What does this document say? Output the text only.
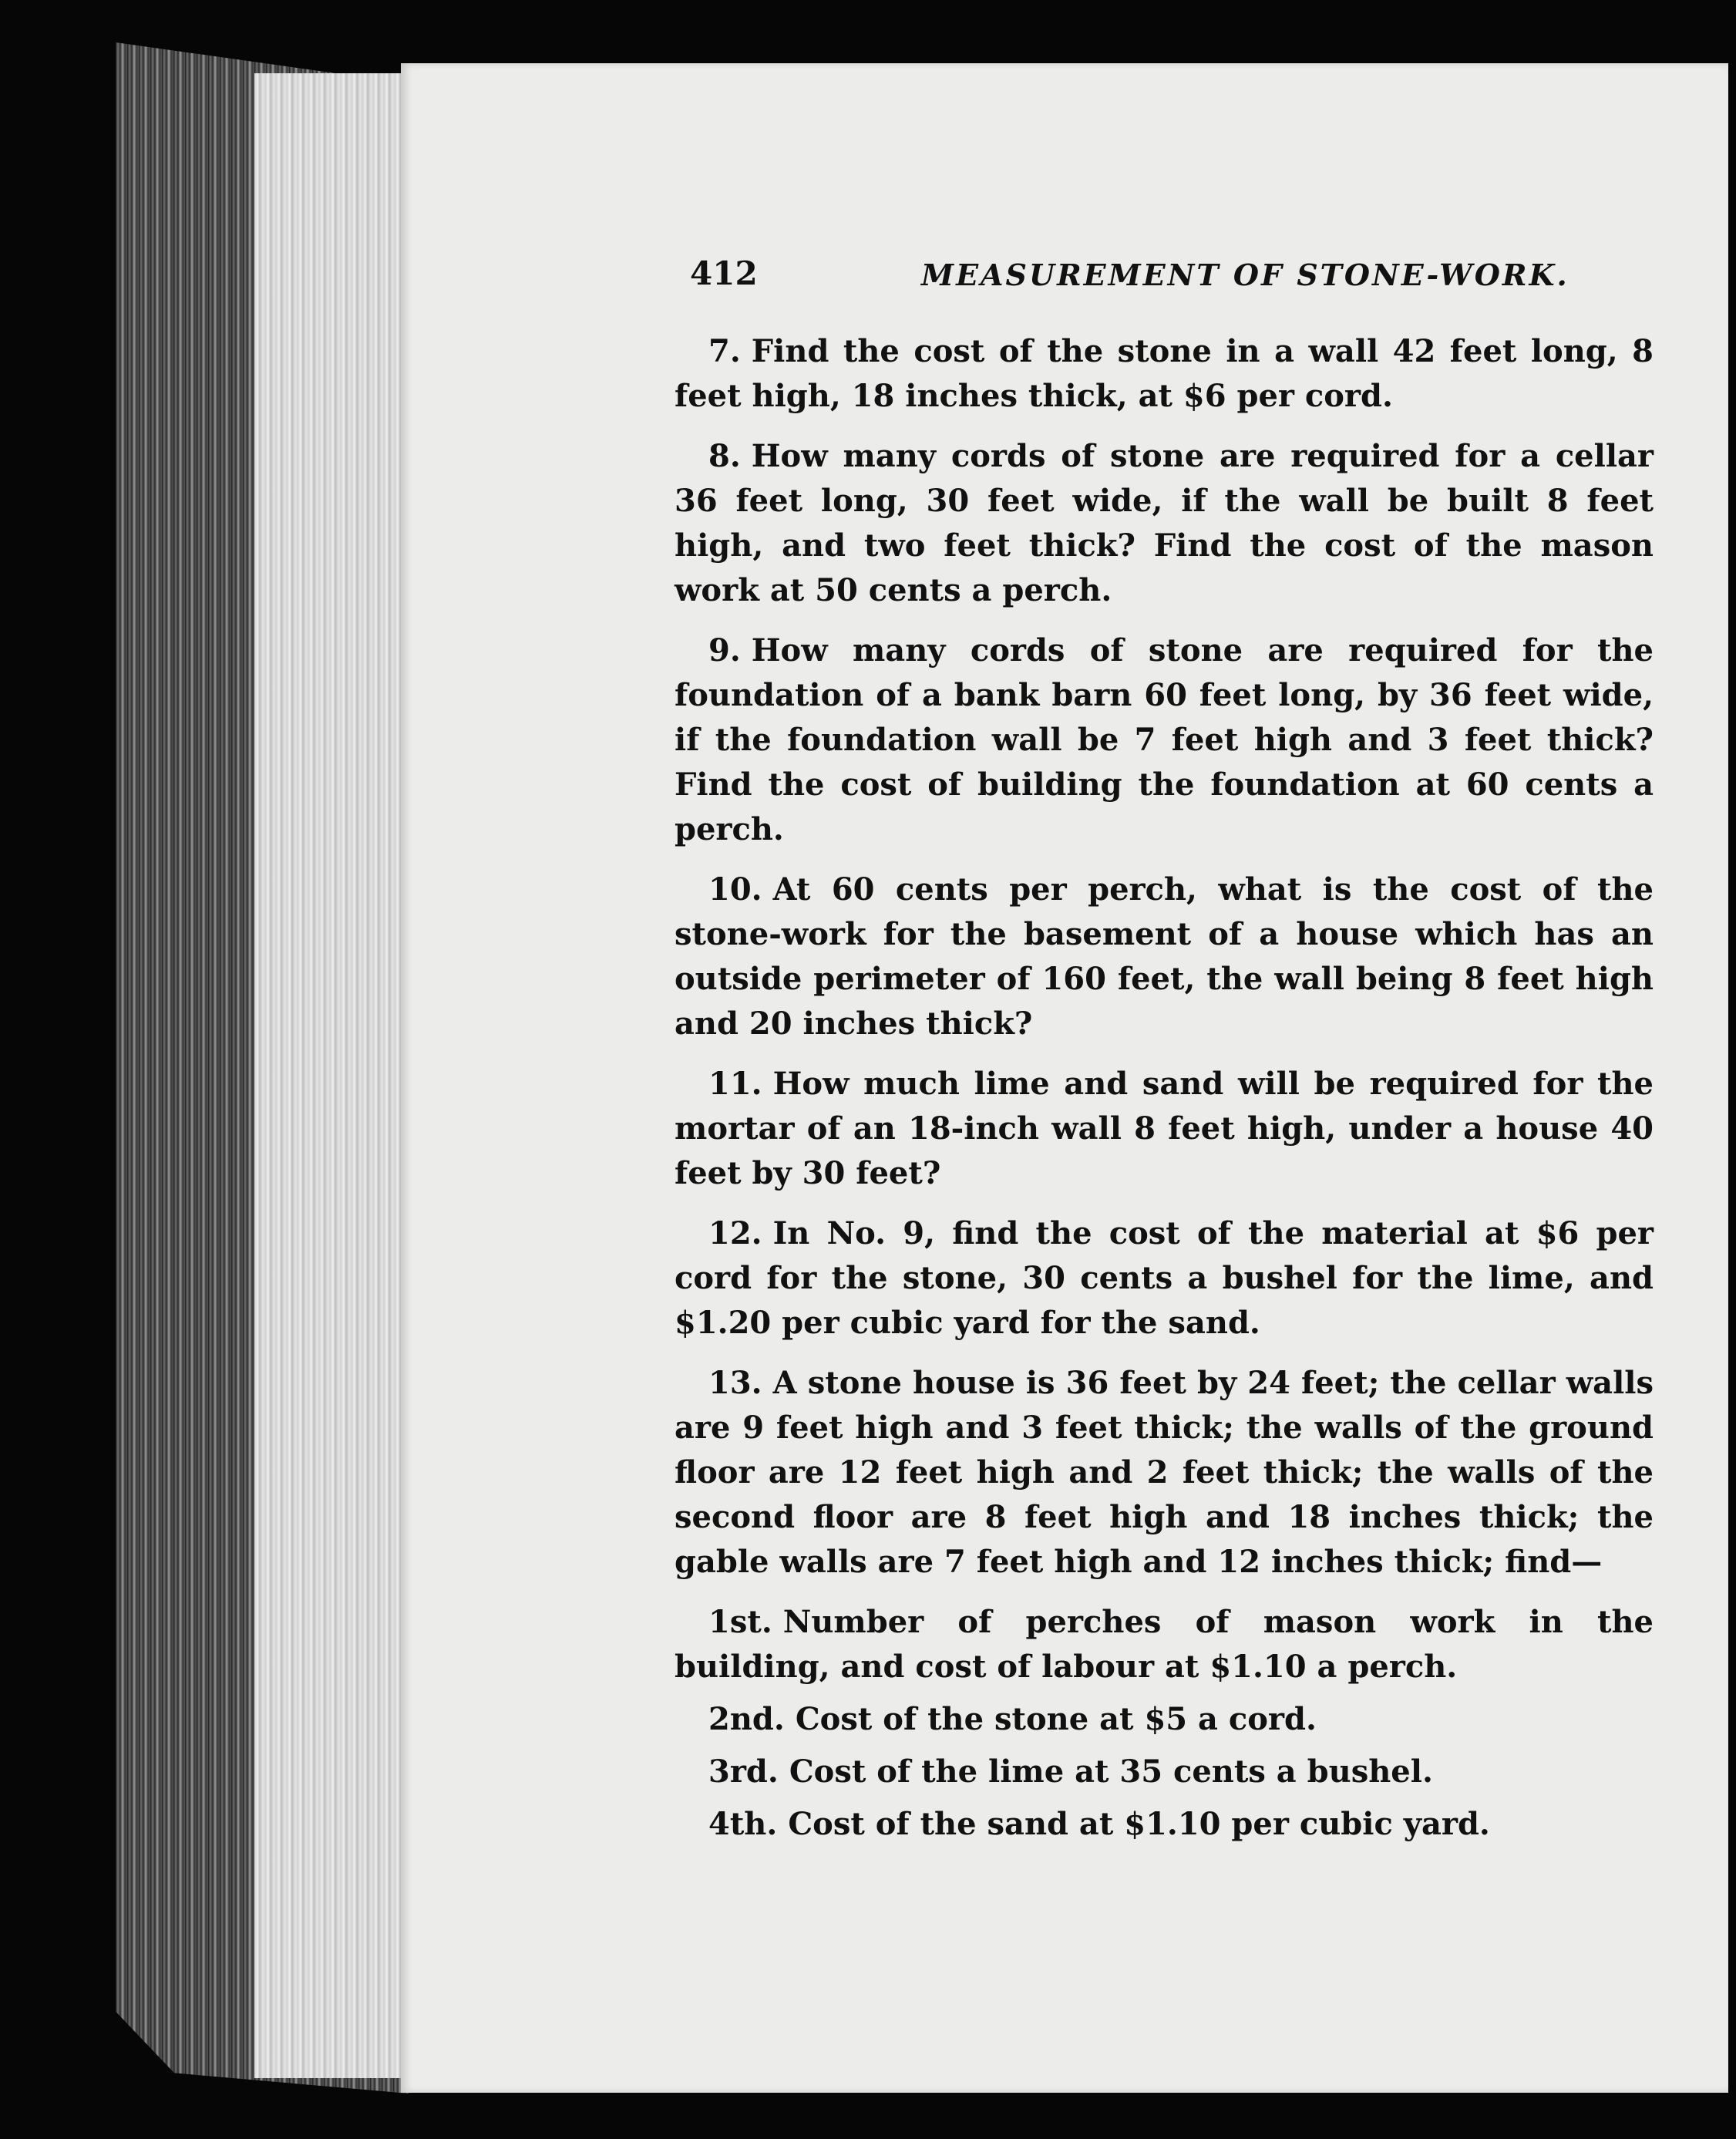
412	MEASUREMENT OF STONE-WORK.

7. Find the cost of the stone in a wall 42 feet long, 8 feet high, 18 inches thick, at $6 per cord.

8. How many cords of stone are required for a cellar 36 feet long, 30 feet wide, if the wall be built 8 feet high, and two feet thick? Find the cost of the mason work at 50 cents a perch.

9. How many cords of stone are required for the foundation of a bank barn 60 feet long, by 36 feet wide, if the foundation wall be 7 feet high and 3 feet thick? Find the cost of building the foundation at 60 cents a perch.

10. At 60 cents per perch, what is the cost of the stone-work for the basement of a house which has an outside perimeter of 160 feet, the wall being 8 feet high and 20 inches thick?

11. How much lime and sand will be required for the mortar of an 18-inch wall 8 feet high, under a house 40 feet by 30 feet?

12. In No. 9, find the cost of the material at $6 per cord for the stone, 30 cents a bushel for the lime, and $1.20 per cubic yard for the sand.

13. A stone house is 36 feet by 24 feet; the cellar walls are 9 feet high and 3 feet thick; the walls of the ground floor are 12 feet high and 2 feet thick; the walls of the second floor are 8 feet high and 18 inches thick; the gable walls are 7 feet high and 12 inches thick; find—

1st. Number of perches of mason work in the building, and cost of labour at $1.10 a perch.

2nd. Cost of the stone at $5 a cord.

3rd. Cost of the lime at 35 cents a bushel.

4th. Cost of the sand at $1.10 per cubic yard.
